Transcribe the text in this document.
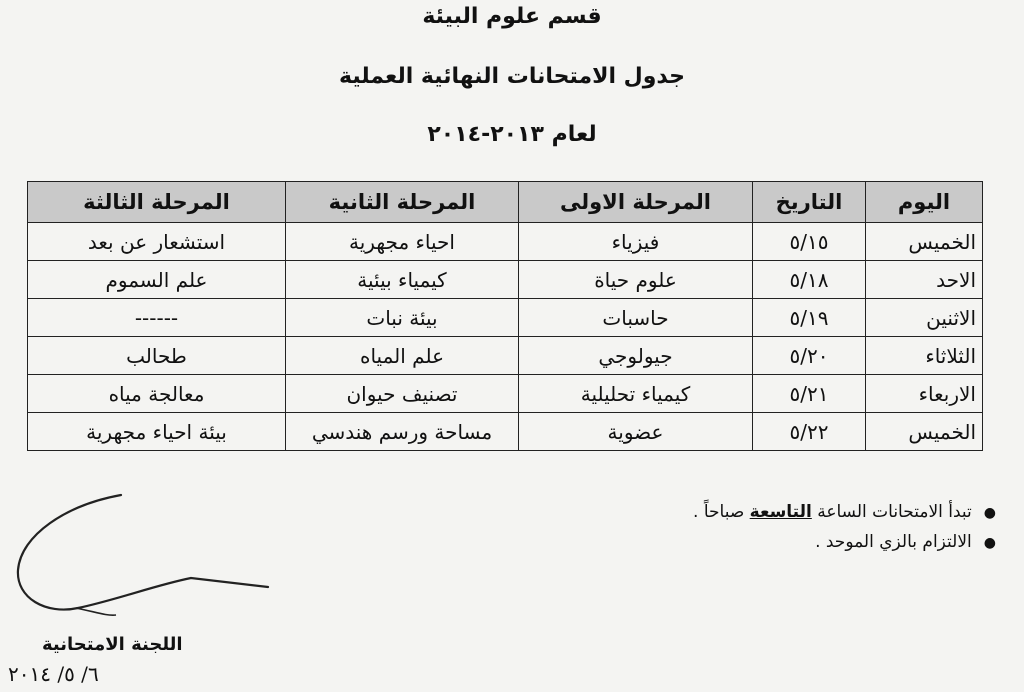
قسم علوم البيئة
جدول الامتحانات النهائية العملية
لعام ٢٠١٣-٢٠١٤
اليوم	التاريخ	المرحلة الاولى	المرحلة الثانية	المرحلة الثالثة
الخميس	٥/١٥	فيزياء	احياء مجهرية	استشعار عن بعد
الاحد	٥/١٨	علوم حياة	كيمياء بيئية	علم السموم
الاثنين	٥/١٩	حاسبات	بيئة نبات	------
الثلاثاء	٥/٢٠	جيولوجي	علم المياه	طحالب
الاربعاء	٥/٢١	كيمياء تحليلية	تصنيف حيوان	معالجة مياه
الخميس	٥/٢٢	عضوية	مساحة ورسم هندسي	بيئة احياء مجهرية
●تبدأ الامتحانات الساعة التاسعة صباحاً .
●الالتزام بالزي الموحد .
اللجنة الامتحانية
٦/ ٥/ ٢٠١٤
